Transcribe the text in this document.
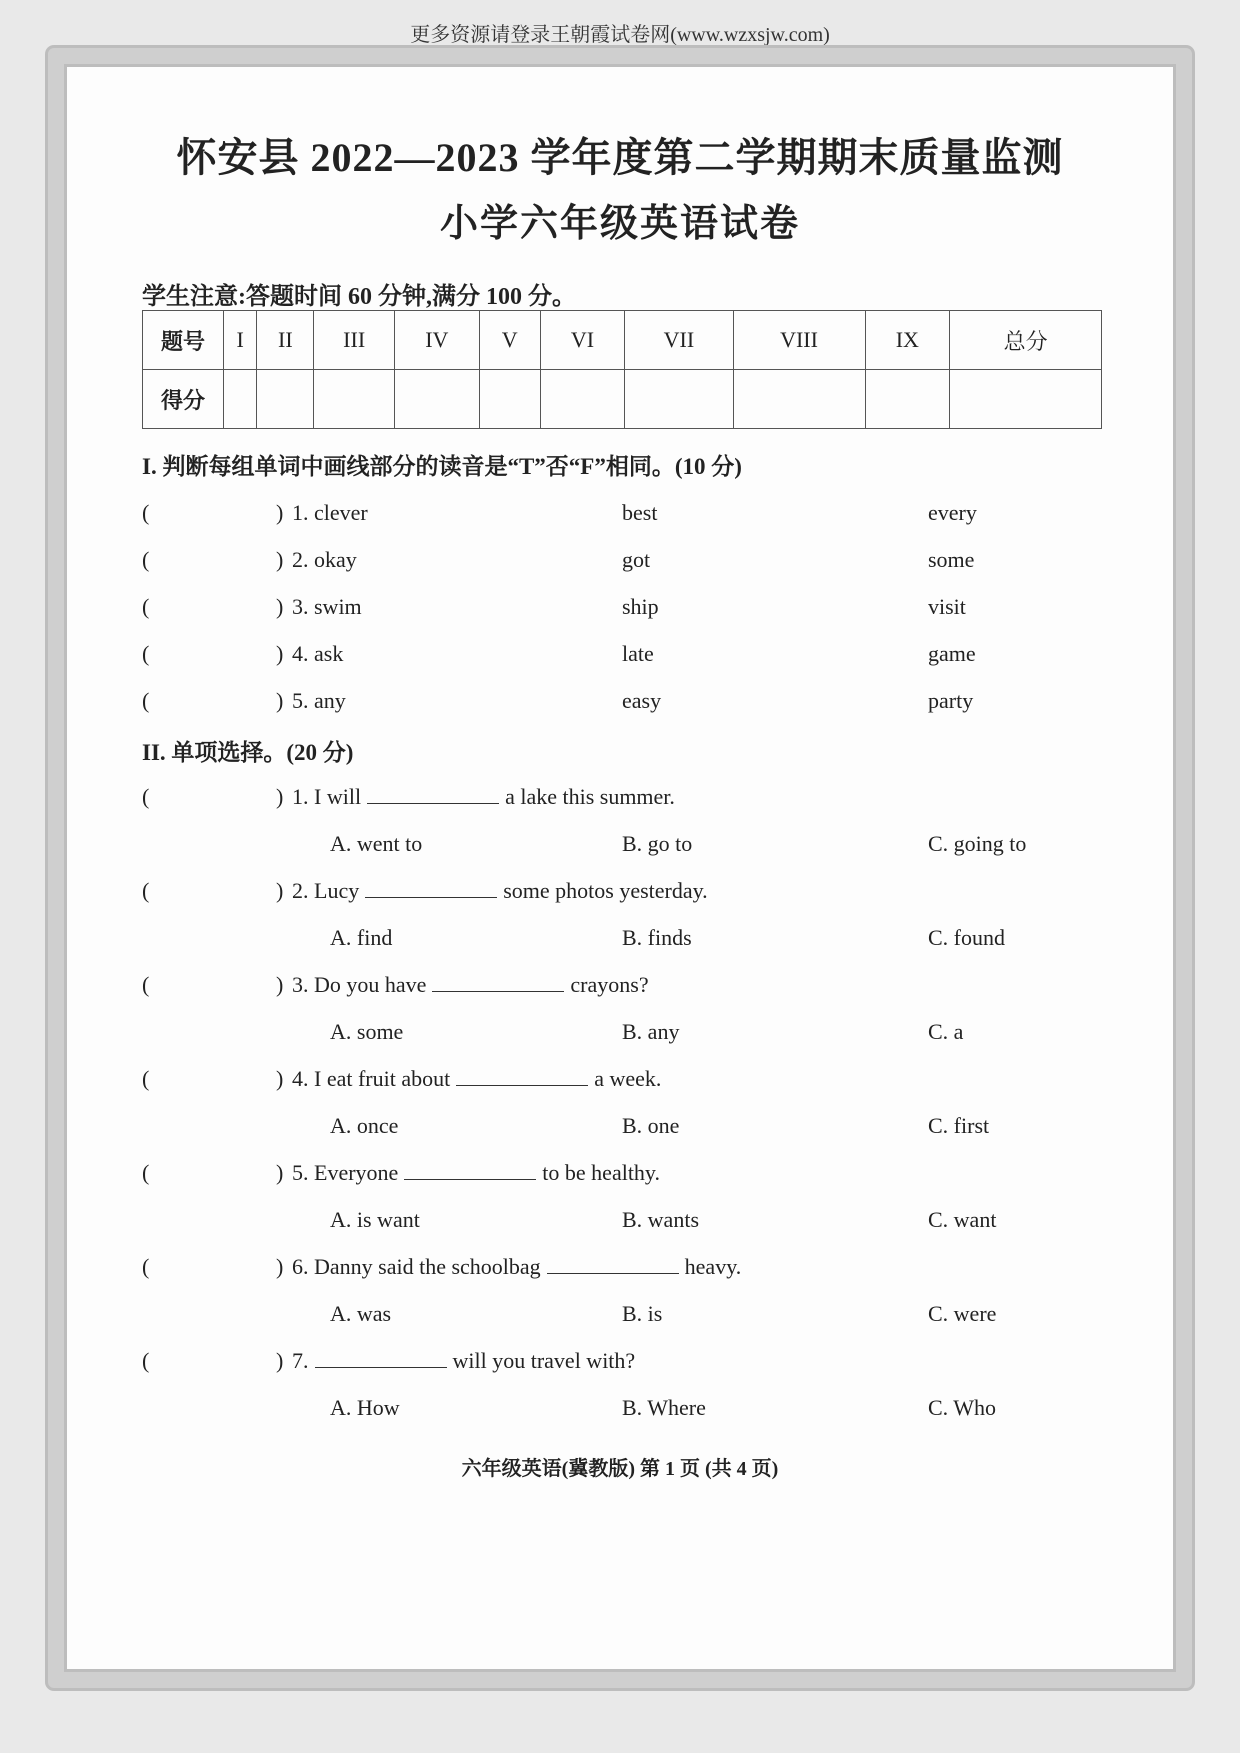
更多资源请登录王朝霞试卷网(www.wzxsjw.com)
怀安县 2022—2023 学年度第二学期期末质量监测
小学六年级英语试卷
学生注意:答题时间 60 分钟,满分 100 分。
题号	I	II	III	IV	V	VI	VII	VIII	IX	总分
得分										
I. 判断每组单词中画线部分的读音是“T”否“F”相同。(10 分)
(	) 1. clever	best	every
(	) 2. okay	got	some
(	) 3. swim	ship	visit
(	) 4. ask	late	game
(	) 5. any	easy	party
II. 单项选择。(20 分)
(	) 1. I will	a lake this summer.
A. went to	B. go to	C. going to
(	) 2. Lucy	some photos yesterday.
A. find	B. finds	C. found
(	) 3. Do you have	crayons?
A. some	B. any	C. a
(	) 4. I eat fruit about	a week.
A. once	B. one	C. first
(	) 5. Everyone	to be healthy.
A. is want	B. wants	C. want
(	) 6. Danny said the schoolbag	heavy.
A. was	B. is	C. were
(	) 7.	will you travel with?
A. How	B. Where	C. Who
六年级英语(冀教版) 第 1 页 (共 4 页)
